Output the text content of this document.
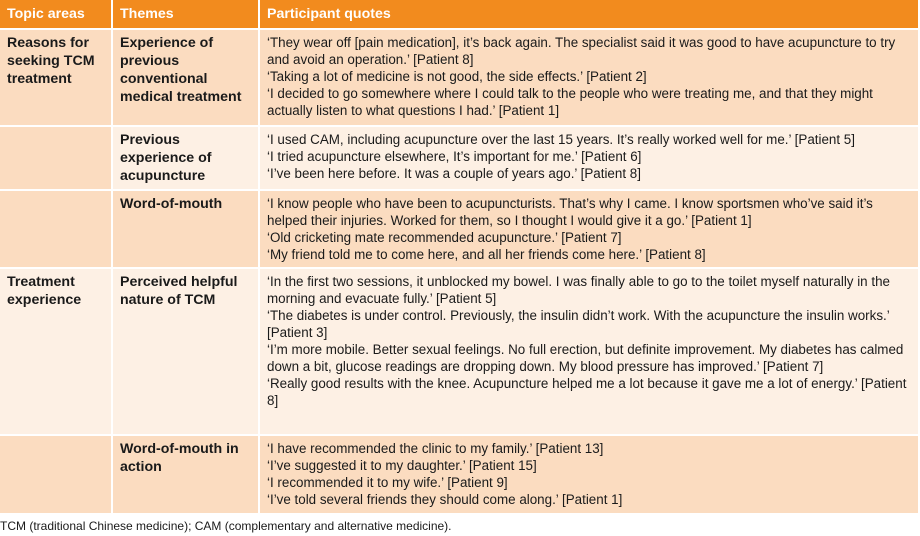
Topic areas	Themes	Participant quotes
Reasons for seeking TCM treatment	Experience of previous conventional medical treatment	‘They wear off [pain medication], it’s back again. The specialist said it was good to have acupuncture to try and avoid an operation.’ [Patient 8]
‘Taking a lot of medicine is not good, the side effects.’ [Patient 2]
‘I decided to go somewhere where I could talk to the people who were treating me, and that they might actually listen to what questions I had.’ [Patient 1]

	Previous experience of acupuncture	‘I used CAM, including acupuncture over the last 15 years. It’s really worked well for me.’ [Patient 5]
‘I tried acupuncture elsewhere, It’s important for me.’ [Patient 6]
‘I’ve been here before. It was a couple of years ago.’ [Patient 8]

	Word-of-mouth	‘I know people who have been to acupuncturists. That’s why I came. I know sportsmen who’ve said it’s helped their injuries. Worked for them, so I thought I would give it a go.’ [Patient 1]
‘Old cricketing mate recommended acupuncture.’ [Patient 7]
‘My friend told me to come here, and all her friends come here.’ [Patient 8]

Treatment experience	Perceived helpful nature of TCM	‘In the first two sessions, it unblocked my bowel. I was finally able to go to the toilet myself naturally in the morning and evacuate fully.’ [Patient 5]
‘The diabetes is under control. Previously, the insulin didn’t work. With the acupuncture the insulin works.’ [Patient 3]
‘I’m more mobile. Better sexual feelings. No full erection, but definite improvement. My diabetes has calmed down a bit, glucose readings are dropping down. My blood pressure has improved.’ [Patient 7]
‘Really good results with the knee. Acupuncture helped me a lot because it gave me a lot of energy.’ [Patient 8]

	Word-of-mouth in action	‘I have recommended the clinic to my family.’ [Patient 13]
‘I’ve suggested it to my daughter.’ [Patient 15]
‘I recommended it to my wife.’ [Patient 9]
‘I’ve told several friends they should come along.’ [Patient 1]
TCM (traditional Chinese medicine); CAM (complementary and alternative medicine).
